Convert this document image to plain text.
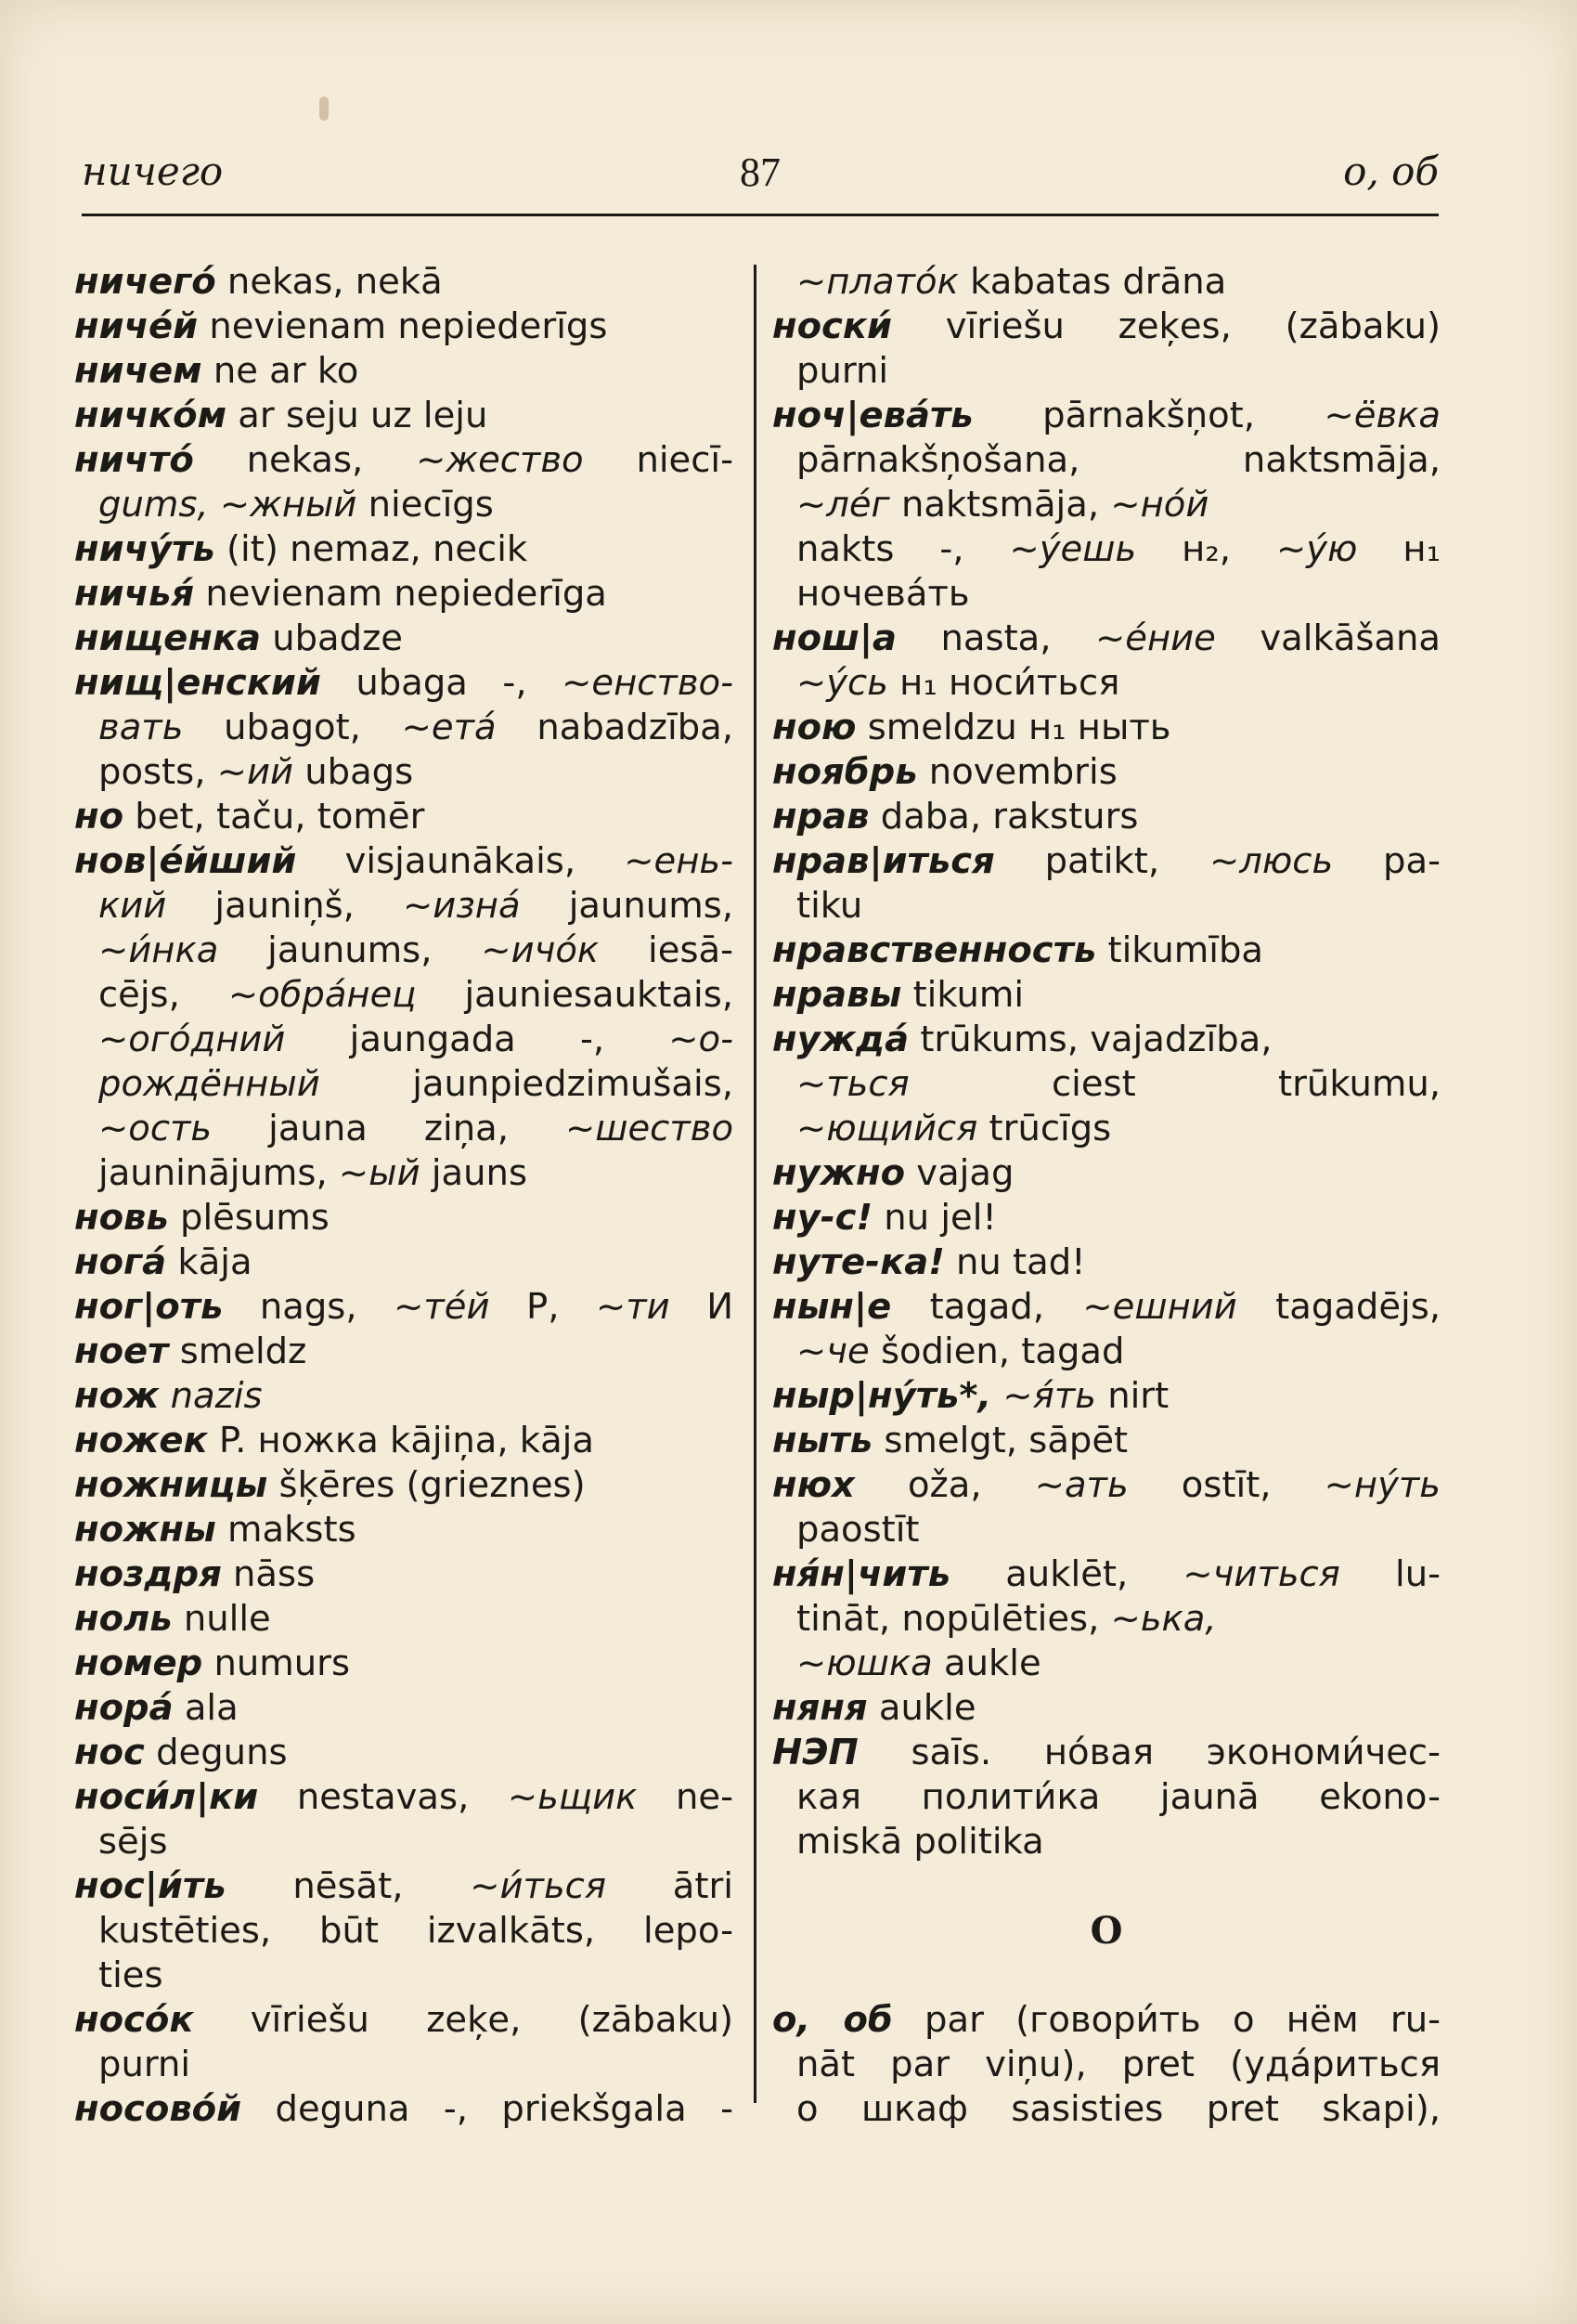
ничего	87	о, об
ничегó nekas, nekā
ничéй nevienam nepiederīgs
ничем ne ar ko
ничкóм ar seju uz leju
ничтó nekas, ~жество niecī-
gums, ~жный niecīgs
ничýть (it) nemaz, necik
ничья́ nevienam nepiederīga
нищенка ubadze
нищ|енский ubaga -, ~енство-
вать ubagot, ~етá nabadzība,
posts, ~ий ubags
но bet, taču, tomēr
нов|éйший visjaunākais, ~ень-
кий jauniņš, ~изнá jaunums,
~и́нка jaunums, ~ичóк iesā-
cējs, ~обрáнец jauniesauktais,
~огóдний jaungada -, ~о-
рождённый jaunpiedzimušais,
~ость jauna ziņa, ~шество
jauninājums, ~ый jauns
новь plēsums
ногá kāja
ног|оть nags, ~тéй P, ~ти И
ноет smeldz
нож nazis
ножек P. ножка kājiņa, kāja
ножницы šķēres (grieznes)
ножны maksts
ноздря nāss
ноль nulle
номер numurs
норá ala
нос deguns
носи́л|ки nestavas, ~ьщик ne-
sējs
нос|и́ть nēsāt, ~и́ться ātri
kustēties, būt izvalkāts, lepo-
ties
носóк vīriešu zeķe, (zābaku)
purni
носовóй deguna -, priekšgala -
~платóк kabatas drāna
носки́ vīriešu zeķes, (zābaku)
purni
ноч|евáть pārnakšņot, ~ёвка
pārnakšņošana, naktsmāja,
~лéг naktsmāja, ~нóй
nakts -, ~ýешь н₂, ~ýю н₁
ночевáть
нош|а nasta, ~éние valkāšana
~ýсь н₁ носи́ться
ною smeldzu н₁ ныть
ноябрь novembris
нрав daba, raksturs
нрав|иться patikt, ~люсь pa-
tiku
нравственность tikumība
нравы tikumi
нуждá trūkums, vajadzība,
~ться ciest trūkumu,
~ющийся trūcīgs
нужно vajag
ну-с! nu jel!
нуте-ка! nu tad!
нын|е tagad, ~ешний tagadējs,
~че šodien, tagad
ныр|нýть*, ~я́ть nirt
ныть smelgt, sāpēt
нюх oža, ~ать ostīt, ~нýть
paostīt
ня́н|чить auklēt, ~читься lu-
tināt, nopūlēties, ~ька,
~юшка aukle
няня aukle
НЭП saīs. нóвая экономи́чес-
кая полити́ка jaunā ekono-
miskā politika
О
о, об par (говори́ть о нём ru-
nāt par viņu), pret (удáриться
о шкаф sasisties pret skapi),
